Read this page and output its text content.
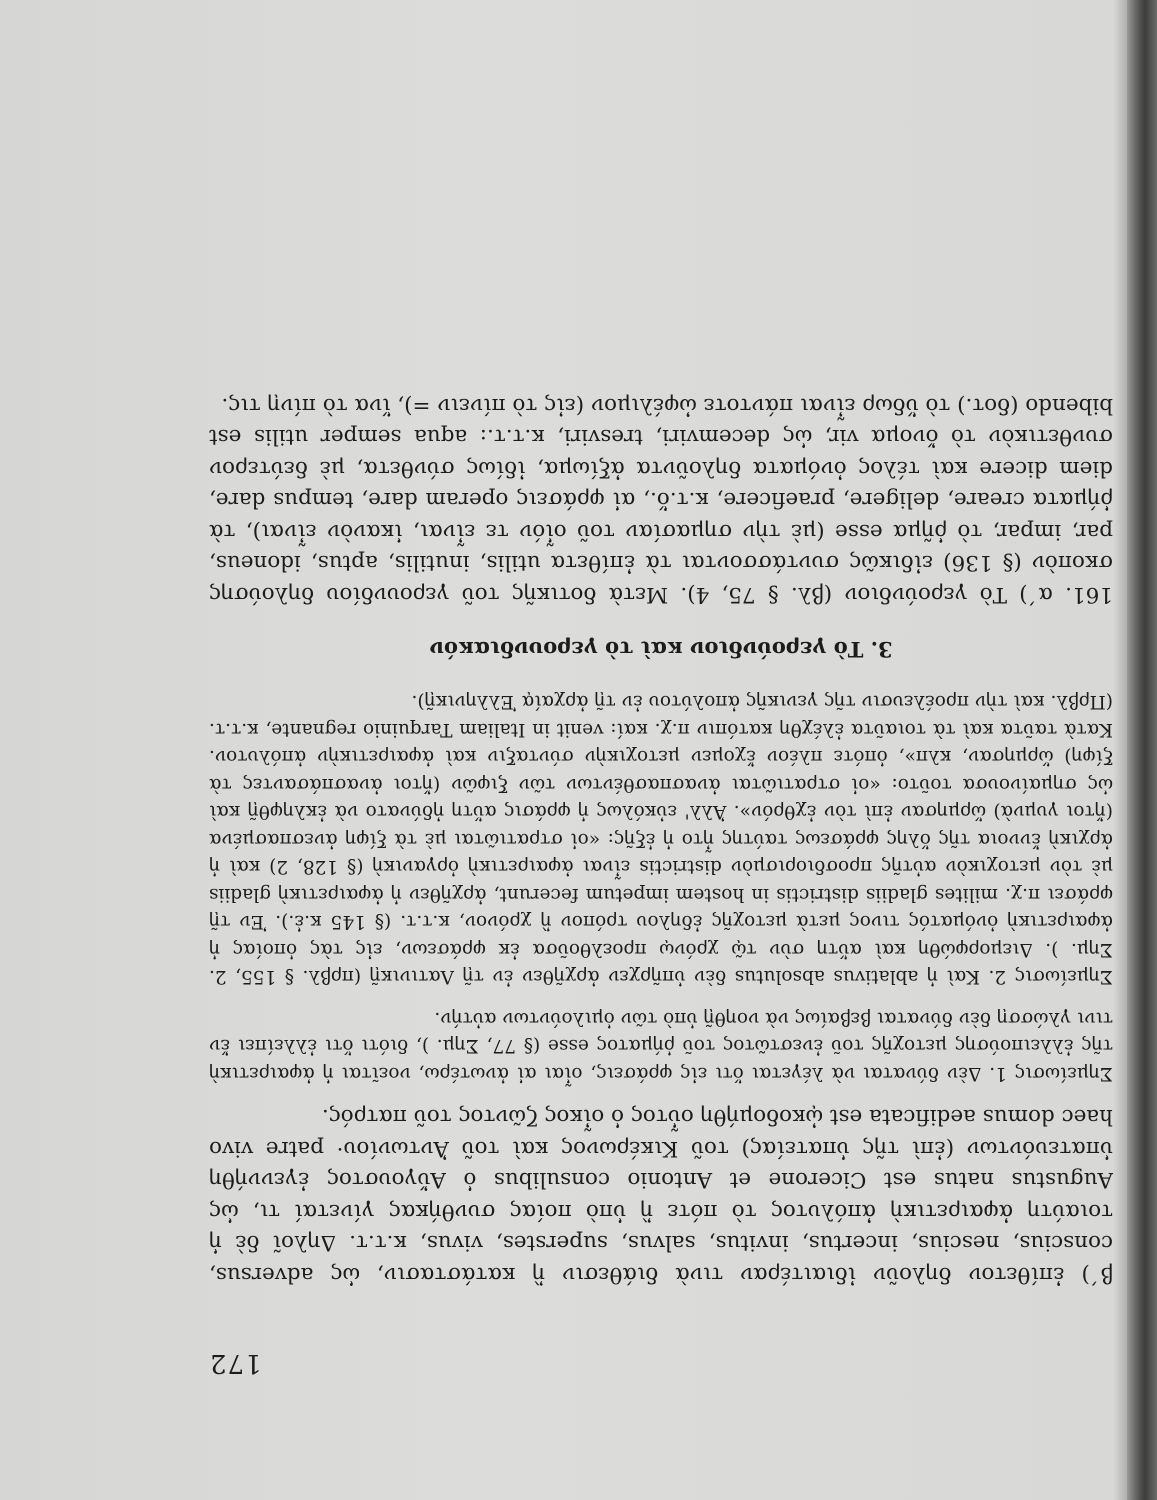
172

β΄) ἐπίθετον δηλοῦν ἰδιαιτέραν τινὰ διάθεσιν ἢ κατάστασιν, ὡς adversus, conscius, nescius, incertus, invitus, salvus, superstes, vivus, κ.τ.τ. Δηλοῖ δὲ ἡ τοιαύτη ἀφαιρετικὴ ἀπόλυτος τὸ πότε ἢ ὑπὸ ποίας συνθήκας γίνεταί τι, ὡς Augustus natus est Cicerone et Antonio consulibus ὁ Αὔγουστος ἐγεννήθη ὑπατευόντων (ἐπὶ τῆς ὑπατείας) τοῦ Κικέρωνος καὶ τοῦ Ἀντωνίου· patre vivo haec domus aedificata est ᾠκοδομήθη οὗτος ὁ οἶκος ζῶντος τοῦ πατρός.

Σημείωσις 1. Δὲν δύναται νὰ λέγεται ὅτι εἰς φράσεις, οἷαι αἱ ἀνωτέρω, νοεῖται ἡ ἀφαιρετικὴ τῆς ἐλλειπούσης μετοχῆς τοῦ ἐνεστῶτος τοῦ ῥήματος esse (§ 77, Σημ. ), διότι ὅτι ἐλλείπει ἔν τινι γλώσσῃ δὲν δύναται βεβαίως νὰ νοηθῇ ὑπὸ τῶν ὁμιλούντων αὐτήν.

Σημείωσις 2. Καὶ ἡ ablativus absolutus δὲν ὑπῆρχεν ἀρχῆθεν ἐν τῇ Λατινικῇ (πρβλ. § 155, 2. Σημ. ). Διεμορφώθη καὶ αὕτη σὺν τῷ χρόνῳ προελθοῦσα ἐκ φράσεων, εἰς τὰς ὁποίας ἡ ἀφαιρετικὴ ὀνόματός τινος μετὰ μετοχῆς ἐδηλου τρόπον ἢ χρόνον, κ.τ.τ. (§ 145 κ.ἑ.). Ἐν τῇ φράσει π.χ. milites gladiis districtis in hostem impetum fecerunt, ἀρχῆθεν ἡ ἀφαιρετικὴ gladiis μὲ τὸν μετοχικὸν αὐτῆς προσδιορισμὸν districtis εἶναι ἀφαιρετικὴ ὀργανικὴ (§ 128, 2) καὶ ἡ ἀρχικὴ ἔννοια τῆς ὅλης φράσεως ταύτης ἦτο ἡ ἑξῆς: «οἱ στρατιῶται μὲ τὰ ξίφη ἀνεσπασμένα (ἤτοι γυμνὰ) ὥρμησαν ἐπὶ τὸν ἐχθρόν». Ἀλλ' εὐκόλως ἡ φράσις αὕτη ἠδύνατο νὰ ἐκληφθῇ καὶ ὡς σημαίνουσα τοῦτο: «οἱ στρατιῶται ἀνασπασθέντων τῶν ξιφῶν (ἤτοι ἀνασπάσαντες τὰ ξίφη) ὥρμησαν, κλπ», ὁπότε πλέον ἔχομεν μετοχικὴν σύνταξιν καὶ ἀφαιρετικὴν ἀπόλυτον. Κατὰ ταῦτα καὶ τὰ τοιαῦτα ἐλέχθη κατόπιν π.χ. καί: venit in Italiam Tarquinio regnante, κ.τ.τ. (Πρβλ. καὶ τὴν προέλευσιν τῆς γενικῆς ἀπολύτου ἐν τῇ ἀρχαίᾳ Ἑλληνικῇ).

3. Τὸ γερούνδιον καὶ τὸ γερουνδιακόν

161. α΄) Τὸ γερούνδιον (βλ. § 75, 4). Μετὰ δοτικῆς τοῦ γερουνδίου δηλούσης σκοπὸν (§ 136) εἰδικῶς συντάσσονται τὰ ἐπίθετα utilis, inutilis, aptus, idoneus, par, impar, τὸ ῥῆμα esse (μὲ τὴν σημασίαν τοῦ οἷόν τε εἶναι, ἱκανὸν εἶναι), τὰ ῥήματα creare, deligere, praeficere, κ.τ.ὅ., αἱ φράσεις operam dare, tempus dare, diem dicere καὶ τέλος ὀνόματα δηλοῦντα ἀξίωμα, ἰδίως σύνθετα, μὲ δεύτερον συνθετικὸν τὸ ὄνομα vir, ὡς decemviri, tresviri, κ.τ.τ.: aqua semper utilis est bibendo (δοτ.) τὸ ὕδωρ εἶναι πάντοτε ὠφέλιμον (εἰς τὸ πίνειν =), ἵνα τὸ πίνῃ τις.
